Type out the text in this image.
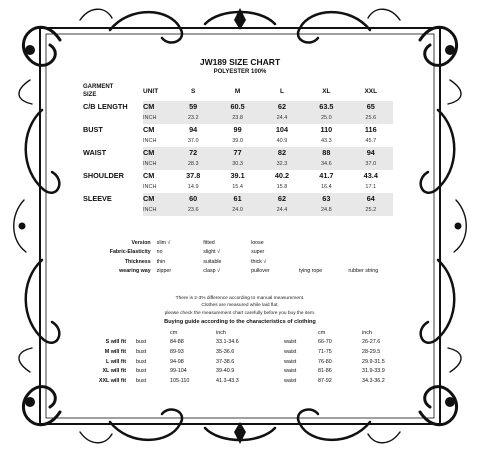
JW189 SIZE CHART
POLYESTER 100%
GARMENT
SIZE	UNIT	S	M	L	XL	XXL
C/B LENGTH	CM	59	60.5	62	63.5	65
	INCH	23.2	23.8	24.4	25.0	25.6
BUST	CM	94	99	104	110	116
	INCH	37.0	39.0	40.9	43.3	45.7
WAIST	CM	72	77	82	88	94
	INCH	28.3	30.3	32.3	34.6	37.0
SHOULDER	CM	37.8	39.1	40.2	41.7	43.4
	INCH	14.9	15.4	15.8	16.4	17.1
SLEEVE	CM	60	61	62	63	64
	INCH	23.6	24.0	24.4	24.8	25.2
Version	slim √	fitted	loose		
Fabric-Elasticity	no	slight √	super		
Thickness	thin	suitable	thick √		
wearing way	zipper	clasp √	pullover	tying rope	rubber string
There is 2-3% difference according to manual measurement.
Clothes are measured while laid flat.
please check the measurement chart carefully before you buy the item.
Buying guide according to the characteristics of clothing
		cm	inch		cm	inch
S will fit	bust	84-88	33.1-34.6	waist	66-70	26-27.6
M will fit	bust	89-93	35-36.6	waist	71-75	28-29.5
L will fit	bust	94-98	37-38.6	waist	76-80	29.9-31.5
XL will fit	bust	99-104	39-40.9	waist	81-86	31.9-33.9
XXL will fit	bust	105-110	41.3-43.3	waist	87-92	34.3-36.2
